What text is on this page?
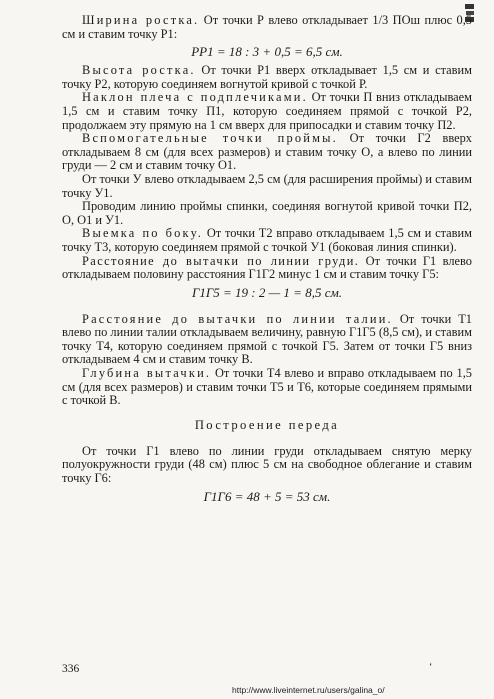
Ширина ростка. От точки Р влево откладывает 1/3 ПОш плюс 0,5 см и ставим точку Р1:

РР1 = 18 : 3 + 0,5 = 6,5 см.

Высота ростка. От точки Р1 вверх откладывает 1,5 см и ставим точку Р2, которую соединяем вогнутой кривой с точкой Р.

Наклон плеча с подплечиками. От точки П вниз откладываем 1,5 см и ставим точку П1, которую соединяем прямой с точкой Р2, продолжаем эту прямую на 1 см вверх для припосадки и ставим точку П2.

Вспомогательные точки проймы. От точки Г2 вверх откладываем 8 см (для всех размеров) и ставим точку О, а влево по линии груди — 2 см и ставим точку О1.

От точки У влево откладываем 2,5 см (для расширения проймы) и ставим точку У1.

Проводим линию проймы спинки, соединяя вогнутой кривой точки П2, О, О1 и У1.

Выемка по боку. От точки Т2 вправо откладываем 1,5 см и ставим точку Т3, которую соединяем прямой с точкой У1 (боковая линия спинки).

Расстояние до вытачки по линии груди. От точки Г1 влево откладываем половину расстояния Г1Г2 минус 1 см и ставим точку Г5:

Г1Г5 = 19 : 2 — 1 = 8,5 см.

Расстояние до вытачки по линии талии. От точки Т1 влево по линии талии откладываем величину, равную Г1Г5 (8,5 см), и ставим точку Т4, которую соединяем прямой с точкой Г5. Затем от точки Г5 вниз откладываем 4 см и ставим точку В.

Глубина вытачки. От точки Т4 влево и вправо откладываем по 1,5 см (для всех размеров) и ставим точки Т5 и Т6, которые соединяем прямыми с точкой В.

Построение переда

От точки Г1 влево по линии груди откладываем снятую мерку полуокружности груди (48 см) плюс 5 см на свободное облегание и ставим точку Г6:

Г1Г6 = 48 + 5 = 53 см.
336	‘
http://www.liveinternet.ru/users/galina_o/
